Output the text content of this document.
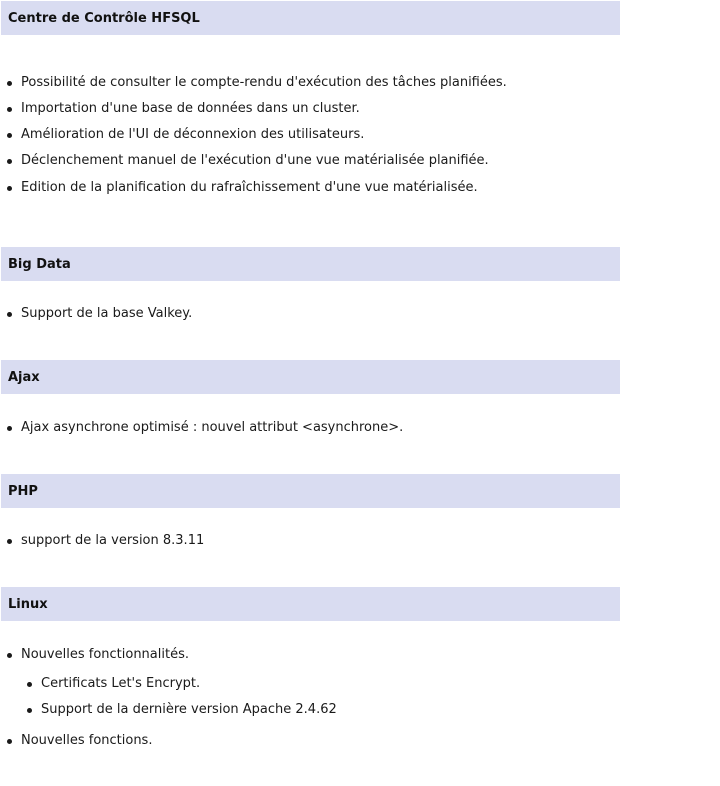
Centre de Contrôle HFSQL
Possibilité de consulter le compte-rendu d'exécution des tâches planifiées.
Importation d'une base de données dans un cluster.
Amélioration de l'UI de déconnexion des utilisateurs.
Déclenchement manuel de l'exécution d'une vue matérialisée planifiée.
Edition de la planification du rafraîchissement d'une vue matérialisée.
Big Data
Support de la base Valkey.
Ajax
Ajax asynchrone optimisé : nouvel attribut <asynchrone>.
PHP
support de la version 8.3.11
Linux
Nouvelles fonctionnalités.
Certificats Let's Encrypt.
Support de la dernière version Apache 2.4.62
Nouvelles fonctions.
